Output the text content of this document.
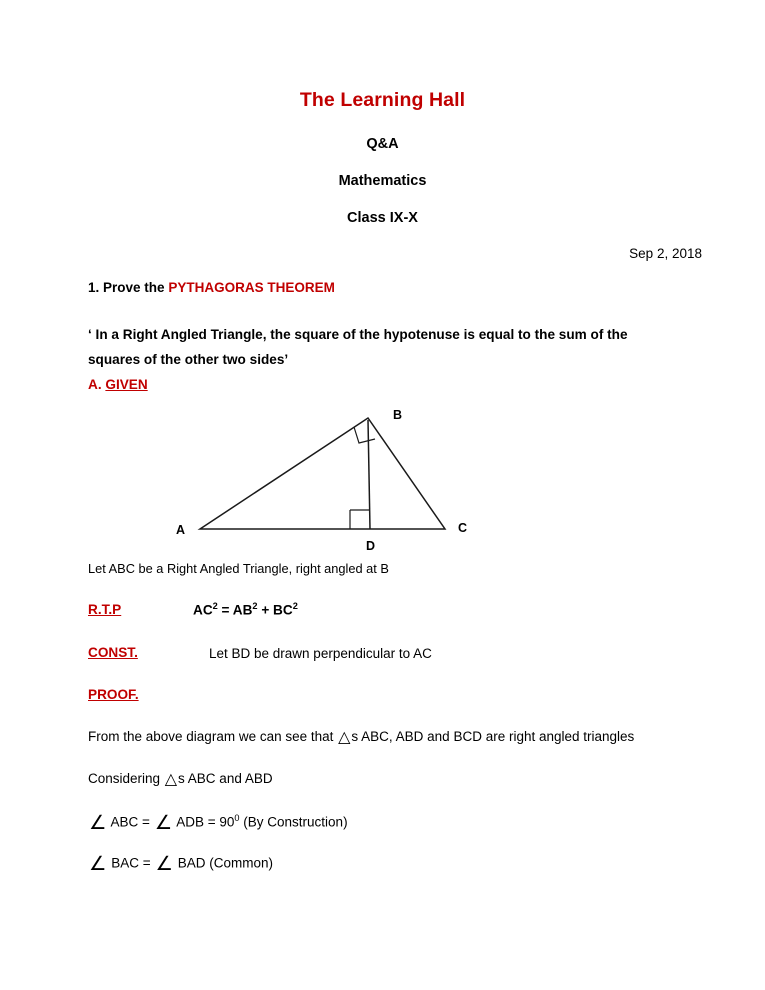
The Learning Hall
Q&A
Mathematics
Class IX-X
Sep 2, 2018
1. Prove the PYTHAGORAS THEOREM
‘ In a Right Angled Triangle, the square of the hypotenuse is equal to the sum of the squares of the other two sides’
A. GIVEN
A
B
C
D
Let ABC be a Right Angled Triangle, right angled at B
R.T.P	$AC^2 = AB^2 + BC^2$
CONST.	Let BD be drawn perpendicular to AC
PROOF.
From the above diagram we can see that △s ABC, ABD and BCD are right angled triangles
Considering △s ABC and ABD
∠ ABC = ∠ ADB = $90^0$ (By Construction)
∠ BAC = ∠ BAD (Common)
